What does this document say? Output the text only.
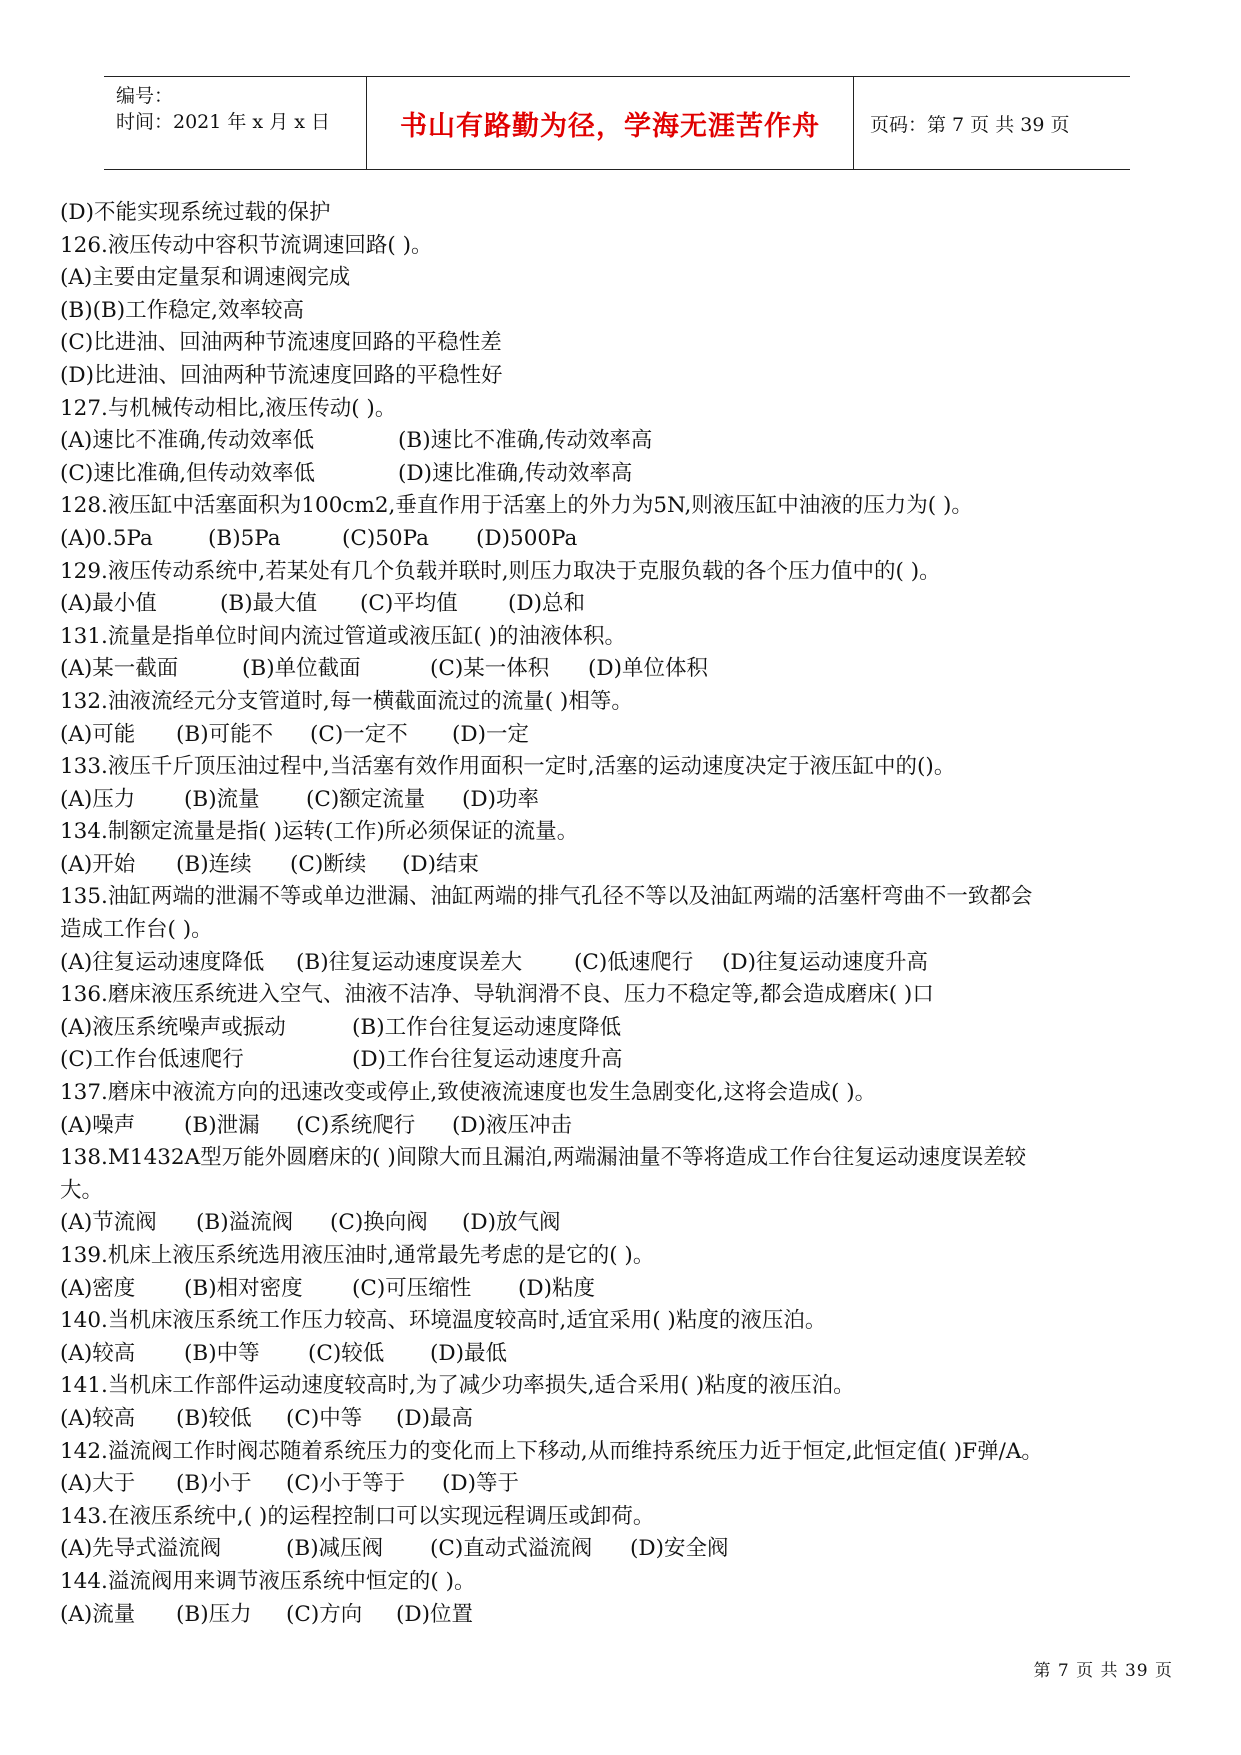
编号：
时间：2021 年 x 月 x 日	书山有路勤为径，学海无涯苦作舟	页码：第 7 页 共 39 页
(D)不能实现系统过载的保护
126.液压传动中容积节流调速回路( )。
(A)主要由定量泵和调速阀完成
(B)(B)工作稳定,效率较高
(C)比进油、回油两种节流速度回路的平稳性差
(D)比进油、回油两种节流速度回路的平稳性好
127.与机械传动相比,液压传动( )。
(A)速比不准确,传动效率低	(B)速比不准确,传动效率高
(C)速比准确,但传动效率低	(D)速比准确,传动效率高
128.液压缸中活塞面积为100cm2,垂直作用于活塞上的外力为5N,则液压缸中油液的压力为( )。
(A)0.5Pa	(B)5Pa	(C)50Pa (D)500Pa
129.液压传动系统中,若某处有几个负载并联时,则压力取决于克服负载的各个压力值中的( )。
(A)最小值	(B)最大值 (C)平均值 (D)总和
131.流量是指单位时间内流过管道或液压缸( )的油液体积。
(A)某一截面	(B)单位截面	(C)某一体积 (D)单位体积
132.油液流经元分支管道时,每一横截面流过的流量( )相等。
(A)可能 (B)可能不 (C)一定不 (D)一定
133.液压千斤顶压油过程中,当活塞有效作用面积一定时,活塞的运动速度决定于液压缸中的()。
(A)压力 (B)流量 (C)额定流量 (D)功率
134.制额定流量是指( )运转(工作)所必须保证的流量。
(A)开始 (B)连续 (C)断续 (D)结束
135.油缸两端的泄漏不等或单边泄漏、油缸两端的排气孔径不等以及油缸两端的活塞杆弯曲不一致都会
造成工作台( )。
(A)往复运动速度降低 (B)往复运动速度误差大 (C)低速爬行 (D)往复运动速度升高
136.磨床液压系统进入空气、油液不洁净、导轨润滑不良、压力不稳定等,都会造成磨床( )口
(A)液压系统噪声或振动	(B)工作台往复运动速度降低
(C)工作台低速爬行	(D)工作台往复运动速度升高
137.磨床中液流方向的迅速改变或停止,致使液流速度也发生急剧变化,这将会造成( )。
(A)噪声 (B)泄漏 (C)系统爬行 (D)液压冲击
138.M1432A型万能外圆磨床的( )间隙大而且漏泊,两端漏油量不等将造成工作台往复运动速度误差较
大。
(A)节流阀 (B)溢流阀 (C)换向阀 (D)放气阀
139.机床上液压系统选用液压油时,通常最先考虑的是它的( )。
(A)密度 (B)相对密度 (C)可压缩性 (D)粘度
140.当机床液压系统工作压力较高、环境温度较高时,适宜采用( )粘度的液压泊。
(A)较高 (B)中等 (C)较低 (D)最低
141.当机床工作部件运动速度较高时,为了减少功率损失,适合采用( )粘度的液压泊。
(A)较高 (B)较低 (C)中等 (D)最高
142.溢流阀工作时阀芯随着系统压力的变化而上下移动,从而维持系统压力近于恒定,此恒定值( )F弹/A。
(A)大于 (B)小于 (C)小于等于 (D)等于
143.在液压系统中,( )的运程控制口可以实现远程调压或卸荷。
(A)先导式溢流阀	(B)减压阀 (C)直动式溢流阀 (D)安全阀
144.溢流阀用来调节液压系统中恒定的( )。
(A)流量 (B)压力 (C)方向 (D)位置
第 7 页 共 39 页
